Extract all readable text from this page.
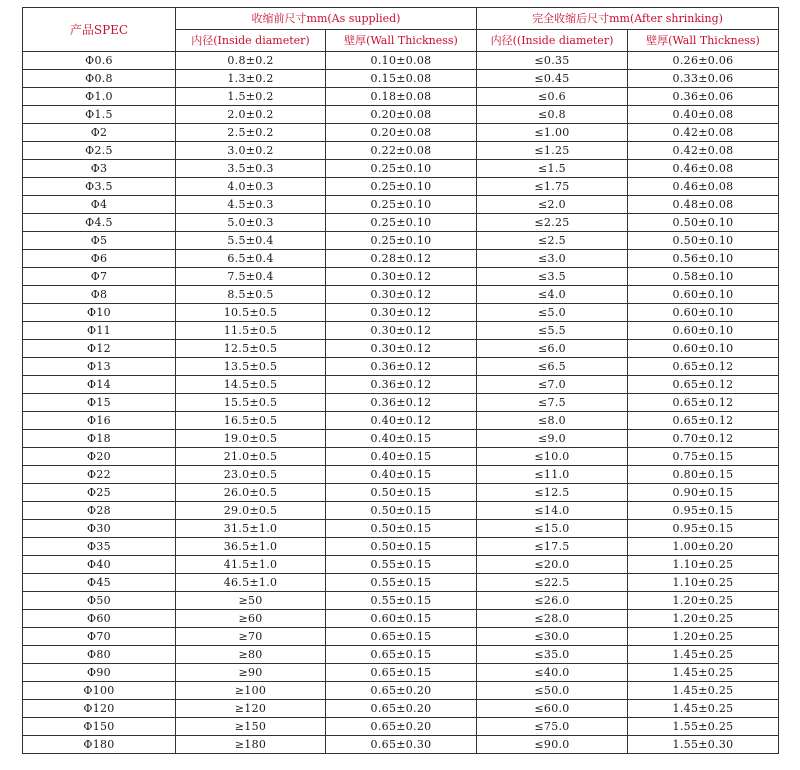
产品SPEC	收缩前尺寸mm(As supplied)		完全收缩后尺寸mm(After shrinking)	
	内径(Inside diameter)	壁厚(Wall Thickness)	内径((Inside diameter)	壁厚(Wall Thickness)
Φ0.6	0.8±0.2	0.10±0.08	≤0.35	0.26±0.06
Φ0.8	1.3±0.2	0.15±0.08	≤0.45	0.33±0.06
Φ1.0	1.5±0.2	0.18±0.08	≤0.6	0.36±0.06
Φ1.5	2.0±0.2	0.20±0.08	≤0.8	0.40±0.08
Φ2	2.5±0.2	0.20±0.08	≤1.00	0.42±0.08
Φ2.5	3.0±0.2	0.22±0.08	≤1.25	0.42±0.08
Φ3	3.5±0.3	0.25±0.10	≤1.5	0.46±0.08
Φ3.5	4.0±0.3	0.25±0.10	≤1.75	0.46±0.08
Φ4	4.5±0.3	0.25±0.10	≤2.0	0.48±0.08
Φ4.5	5.0±0.3	0.25±0.10	≤2.25	0.50±0.10
Φ5	5.5±0.4	0.25±0.10	≤2.5	0.50±0.10
Φ6	6.5±0.4	0.28±0.12	≤3.0	0.56±0.10
Φ7	7.5±0.4	0.30±0.12	≤3.5	0.58±0.10
Φ8	8.5±0.5	0.30±0.12	≤4.0	0.60±0.10
Φ10	10.5±0.5	0.30±0.12	≤5.0	0.60±0.10
Φ11	11.5±0.5	0.30±0.12	≤5.5	0.60±0.10
Φ12	12.5±0.5	0.30±0.12	≤6.0	0.60±0.10
Φ13	13.5±0.5	0.36±0.12	≤6.5	0.65±0.12
Φ14	14.5±0.5	0.36±0.12	≤7.0	0.65±0.12
Φ15	15.5±0.5	0.36±0.12	≤7.5	0.65±0.12
Φ16	16.5±0.5	0.40±0.12	≤8.0	0.65±0.12
Φ18	19.0±0.5	0.40±0.15	≤9.0	0.70±0.12
Φ20	21.0±0.5	0.40±0.15	≤10.0	0.75±0.15
Φ22	23.0±0.5	0.40±0.15	≤11.0	0.80±0.15
Φ25	26.0±0.5	0.50±0.15	≤12.5	0.90±0.15
Φ28	29.0±0.5	0.50±0.15	≤14.0	0.95±0.15
Φ30	31.5±1.0	0.50±0.15	≤15.0	0.95±0.15
Φ35	36.5±1.0	0.50±0.15	≤17.5	1.00±0.20
Φ40	41.5±1.0	0.55±0.15	≤20.0	1.10±0.25
Φ45	46.5±1.0	0.55±0.15	≤22.5	1.10±0.25
Φ50	≥50	0.55±0.15	≤26.0	1.20±0.25
Φ60	≥60	0.60±0.15	≤28.0	1.20±0.25
Φ70	≥70	0.65±0.15	≤30.0	1.20±0.25
Φ80	≥80	0.65±0.15	≤35.0	1.45±0.25
Φ90	≥90	0.65±0.15	≤40.0	1.45±0.25
Φ100	≥100	0.65±0.20	≤50.0	1.45±0.25
Φ120	≥120	0.65±0.20	≤60.0	1.45±0.25
Φ150	≥150	0.65±0.20	≤75.0	1.55±0.25
Φ180	≥180	0.65±0.30	≤90.0	1.55±0.30
